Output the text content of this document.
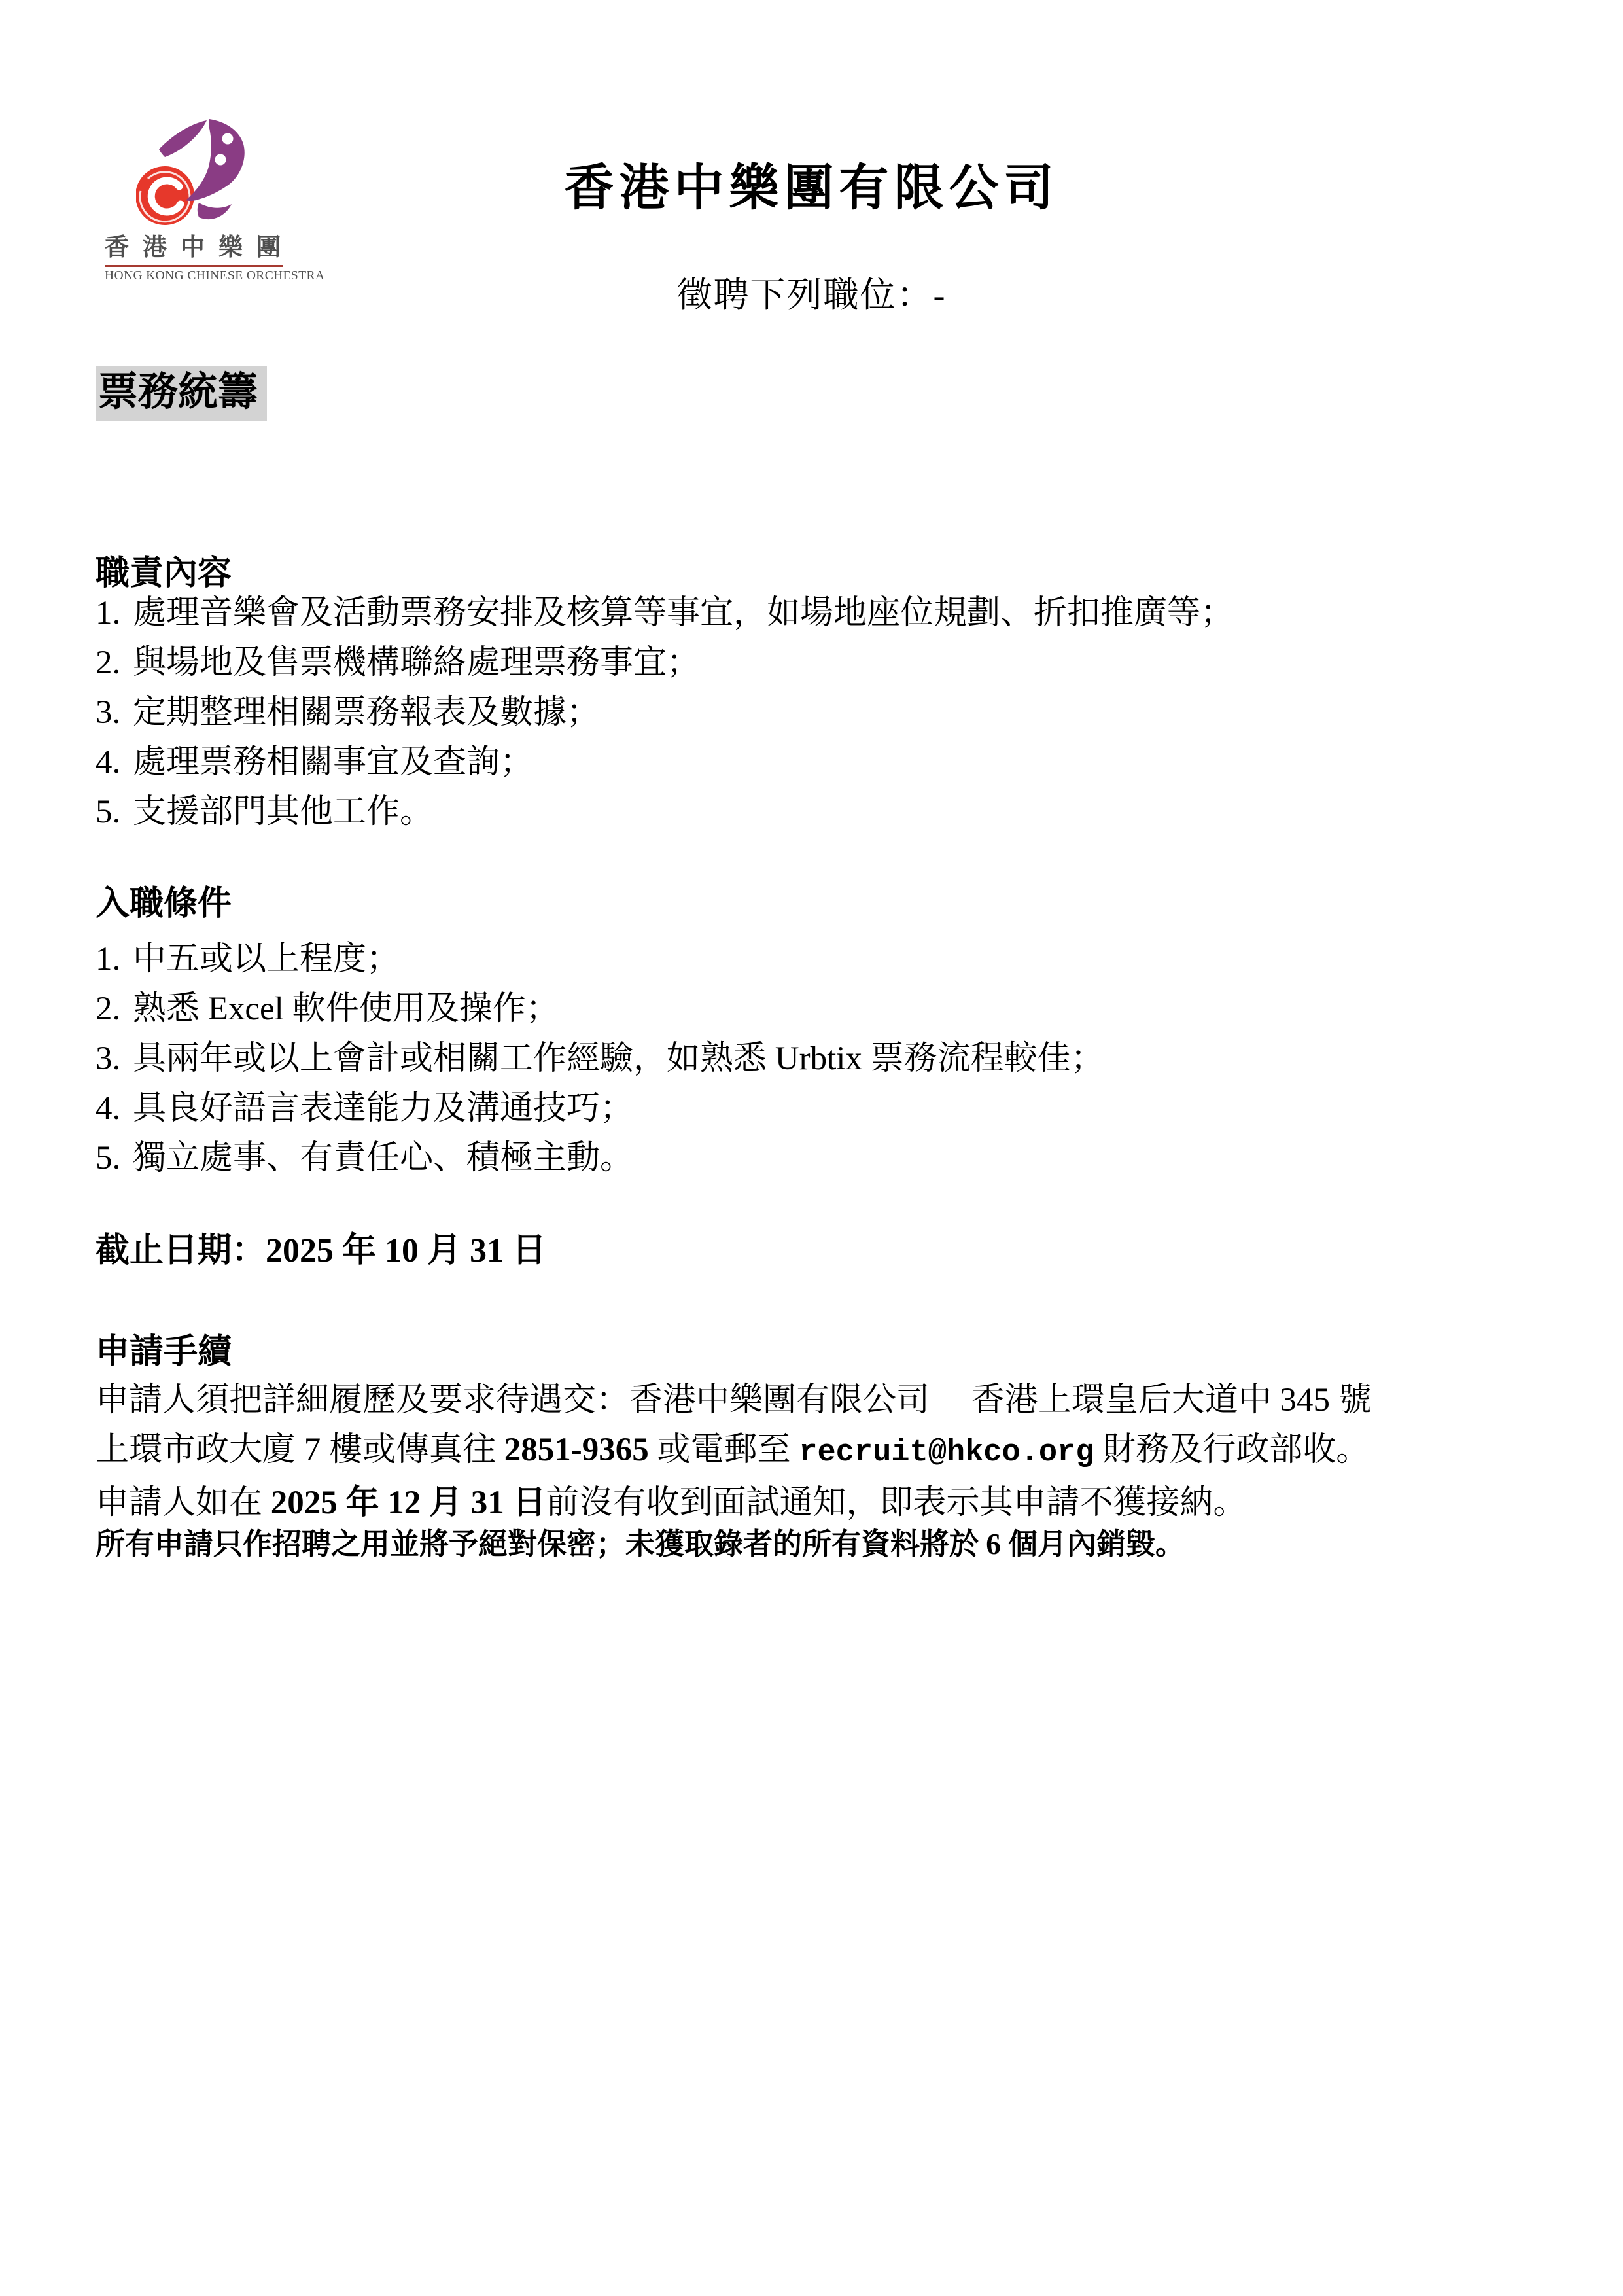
香港中樂團
HONG KONG CHINESE ORCHESTRA
香港中樂團有限公司
徵聘下列職位：-
票務統籌
職責內容
1. 處理音樂會及活動票務安排及核算等事宜，如場地座位規劃、折扣推廣等；
2. 與場地及售票機構聯絡處理票務事宜；
3. 定期整理相關票務報表及數據；
4. 處理票務相關事宜及查詢；
5. 支援部門其他工作。
入職條件
1. 中五或以上程度；
2. 熟悉 Excel 軟件使用及操作；
3. 具兩年或以上會計或相關工作經驗，如熟悉 Urbtix 票務流程較佳；
4. 具良好語言表達能力及溝通技巧；
5. 獨立處事、有責任心、積極主動。
截止日期：2025 年 10 月 31 日
申請手續
申請人須把詳細履歷及要求待遇交：香港中樂團有限公司　 香港上環皇后大道中 345 號
上環市政大廈 7 樓或傳真往 2851-9365 或電郵至 recruit@hkco.org 財務及行政部收。
申請人如在 2025 年 12 月 31 日前沒有收到面試通知，即表示其申請不獲接納。
所有申請只作招聘之用並將予絕對保密；未獲取錄者的所有資料將於 6 個月內銷毀。
